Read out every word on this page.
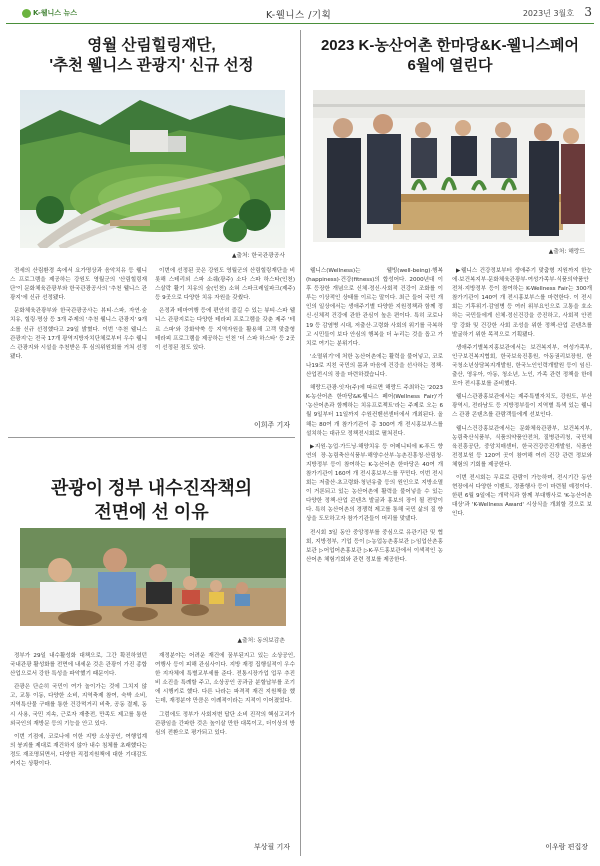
K-웰니스 뉴스	K-웰니스 /기획	2023년 3월호 3
영월 산림힐링재단,
'추천 웰니스 관광지' 신규 선정
▲출처: 한국관광공사

전세의 산림환경 속에서 요가명상과 음악치유 등 웰니스 프로그램을 제공하는 강원도 영월군의 '산림힐링재단'이 문화체육관광부와 한국관광공사의 '추천 웰니스 관광지'에 신규 선정됐다.

문화체육관광부와 한국관광공사는 뷰티·스파, 자연·숲 치유, 힐링·명상 등 3개 주제의 '추천 웰니스 관광지' 9개소를 신규 선정했다고 29일 밝혔다. 이번 '추천 웰니스 관광지'는 전국 17개 광역지방자치단체로부터 우수 웰니스 관광지와 시설을 추천받은 후 심의위원회를 거쳐 선정됐다.

이번에 선정된 곳은 강원도 영월군의 산림힐링재단을 비롯해 스테리외 스파 소쉐(광주) 소다 스파 하스타(인천) 스살락 활기 치유의 숲(인천) 소혀 스파크레일파크(제주) 등 9곳으로 다양한 치유 자원을 갖췄다.

은정과 테마여행 등에 편안히 즐길 수 있는 뷰티·스파 웰니스 관광지로는 다양한 테라피 프로그램을 갖춘 제주 '테르 스파'와 강화약쑥 등 지역자원을 활용해 고객 맞춤형 테라피 프로그램을 제공하는 인천 '더 스파 하스타' 등 2곳이 선정된 점도 있다.

이희주 기자
관광이 정부 내수진작책의
전면에 선 이유
▲출처: 동의보감촌

정부가 29일 내수활성화 대책으로, 그간 확진하였던 국내관광 활성화를 전면에 내세운 것은 관광이 가진 종합산업으로서 강한 특성을 파악했기 때문이다.

관광은 단순히 국민이 여가 놀이가는 것에 그치지 않고, 교통 이동, 다양한 소비, 지역축제 참여, 숙박 소비, 지역특산물 구매를 통한 건강먹거리 비축, 공동 결제, 동시 사용, 국민 지속, 근로자 재충전, 만족도 제고를 통한 외국인의 재방문 등의 기능을 안고 있다.

이번 기점에, 코로나에 이한 지방 소상공인, 여행업계의 붕괴를 제대로 재건하지 않아 내수 침체를 초래했다는 정도 재조명되면서, 다양한 직접지원책에 대한 기대감도 커지는 상황이다.

재정분야는 어려운 재건에 꿈부된지고 있는 소상공인, 여행사 등이 피해 관심사이다. 지방 재정 집행실적이 우수한 지자체에 특별교부세를 준다. 전통시장가업 업무 추진비 소진을 특례할 주고, 소상공인 공과금 분할납부를 조기에 시행키로 했다. 다른 나라는 파격적 재건 지원책을 했는데, 재정분야 만큼은 이례적이라는 지적이 이어졌었다.

그럼에도 정부가 사회저변 답단 소비 진작의 핵심고리가 관광임을 간파한 것은 높이살 만한 대목이고, 더이상의 방심의 전환으로 평가되고 있다.

부상필 기자
2023 K-농산어촌 한마당&K-웰니스페어
6월에 열린다
▲출처: 해랑드

웰니스(Wellness)는 웰빙(well-being)·행복(happiness)·건강(fitness)의 합성어다. 2000년대 이후 등장한 개념으로 신체·정신·사회적 건강이 조화를 이루는 이상적인 상태를 이르는 말이다. 최근 들어 국민 개인의 일상에서는 생애주기별 다양한 지원정책과 함께 정신·신체적 건강에 관한 관심이 높은 편이다. 특히 코로나19 등 감염병 시대, 저출산·고령화 사회의 위기를 극복하고 시민들이 보다 안심의 행복을 더 누리는 것을 돕고 가치로 여기는 분위기다.

'소멸위기'에 처한 농산어촌에는 활력을 불어넣고, 코로나19로 지친 국민의 몸과 마음에 건강을 선사하는 정책·산업전시의 장을 마련하겠습니다.

해랑드관광·잇자(주)에 따르면 해랑드 주최하는 '2023 K-농산어촌 한마당&K-웰니스 페어(Wellness Fair)'가 '농산어촌과 함께하는 치유프로젝트'라는 주제로 오는 6월 9일부터 11일까지 수원컨벤션센터에서 개최된다. 올해는 80여 개 참가기관이 총 300여 개 전시홍보부스를 설치하는 대규모 정책전시회로 펼쳐진다.

▶지원·농업·가드닝·해양치유 등 어메니티에 K-푸드 향연의 장·농림축산식품부·해양수산부·농촌진흥청·산림청·지방정부 등이 참여하는 K-농산어촌 한마당은 40여 개 참가기관이 160여 개 전시홍보부스를 꾸민다. 이번 전시회는 저출산·초고령화·청년유출 등의 원인으로 지방소멸이 거론되고 있는 농산어촌에 활력을 불어넣을 수 있는 다양한 정책·산업 콘텐츠 발굴과 홍보의 장이 될 전망이다. 특히 농산어촌의 경쟁력 제고를 통해 국민 삶의 질 향상을 도모하고자 참가기관들이 머리를 맞댔다.

전시회 3일 동안 중앙정부를 중심으로 유관기관 및 협회, 지방정부, 기업 등이 ▷농업농촌홍보관 ▷임업산촌홍보관 ▷어업어촌홍보관 ▷K-푸드홍보관에서 이색적인 농산어촌 체험기회와 관련 정보를 제공한다.

▶웰니스 건강정보부터 생애주기 맞춤형 지원까지 한눈에·보건복지부·문화체육관광부·여성가족부·식품의약품안전처·지방정부 등이 참여하는 K-Wellness Fair는 300개 참가기관이 140여 개 전시홍보부스를 마련한다. 이 전시회는 기후위기·감염병 등 여러 위부요인으로 고통을 호소하는 국민들에게 신체·정신건강을 증진하고, 사회적 안전망 강화 및 건강한 사회 조성을 위한 정책·산업 콘텐츠를 발굴하기 위한 목적으로 기획됐다.

생애주기별복지홍보관에서는 보건복지부, 여성가족부, 인구보건복지협회, 한국보육진흥원, 아동권리보장원, 한국청소년상담복지개발원, 한국노인인력개발원 등이 임신·출산, 영유아, 아동, 청소년, 노인, 가족 관련 정책을 한데 모아 전시홍보를 준비했다.

웰니스관광홍보관에서는 제주특별자치도, 강원도, 부산광역시, 전라남도 등 지방정부들이 지역별 특색 있는 웰니스 관광 콘텐츠를 관람객들에게 선보인다.

웰니스건강홍보관에서는 문화체육관광부, 보건복지부, 농림축산식품부, 식품의약품안전처, 질병관리청, 국민체육진흥공단, 중앙치매센터, 한국건강증진개발원, 식품안전정보원 등 120여 곳이 참여해 여러 건강 관련 정보와 체험의 기회를 제공한다.

이번 전시회는 무료로 관람이 가능하며, 전시기간 동안 현장에서 다양한 이벤트, 경품행사 등이 마련될 예정이다. 한편 6월 9일에는 개막식과 함께 부대행사로 'K-농산어촌대상'과 'K-Wellness Award' 시상식을 개최할 것으로 보인다.

이우람 편집장
